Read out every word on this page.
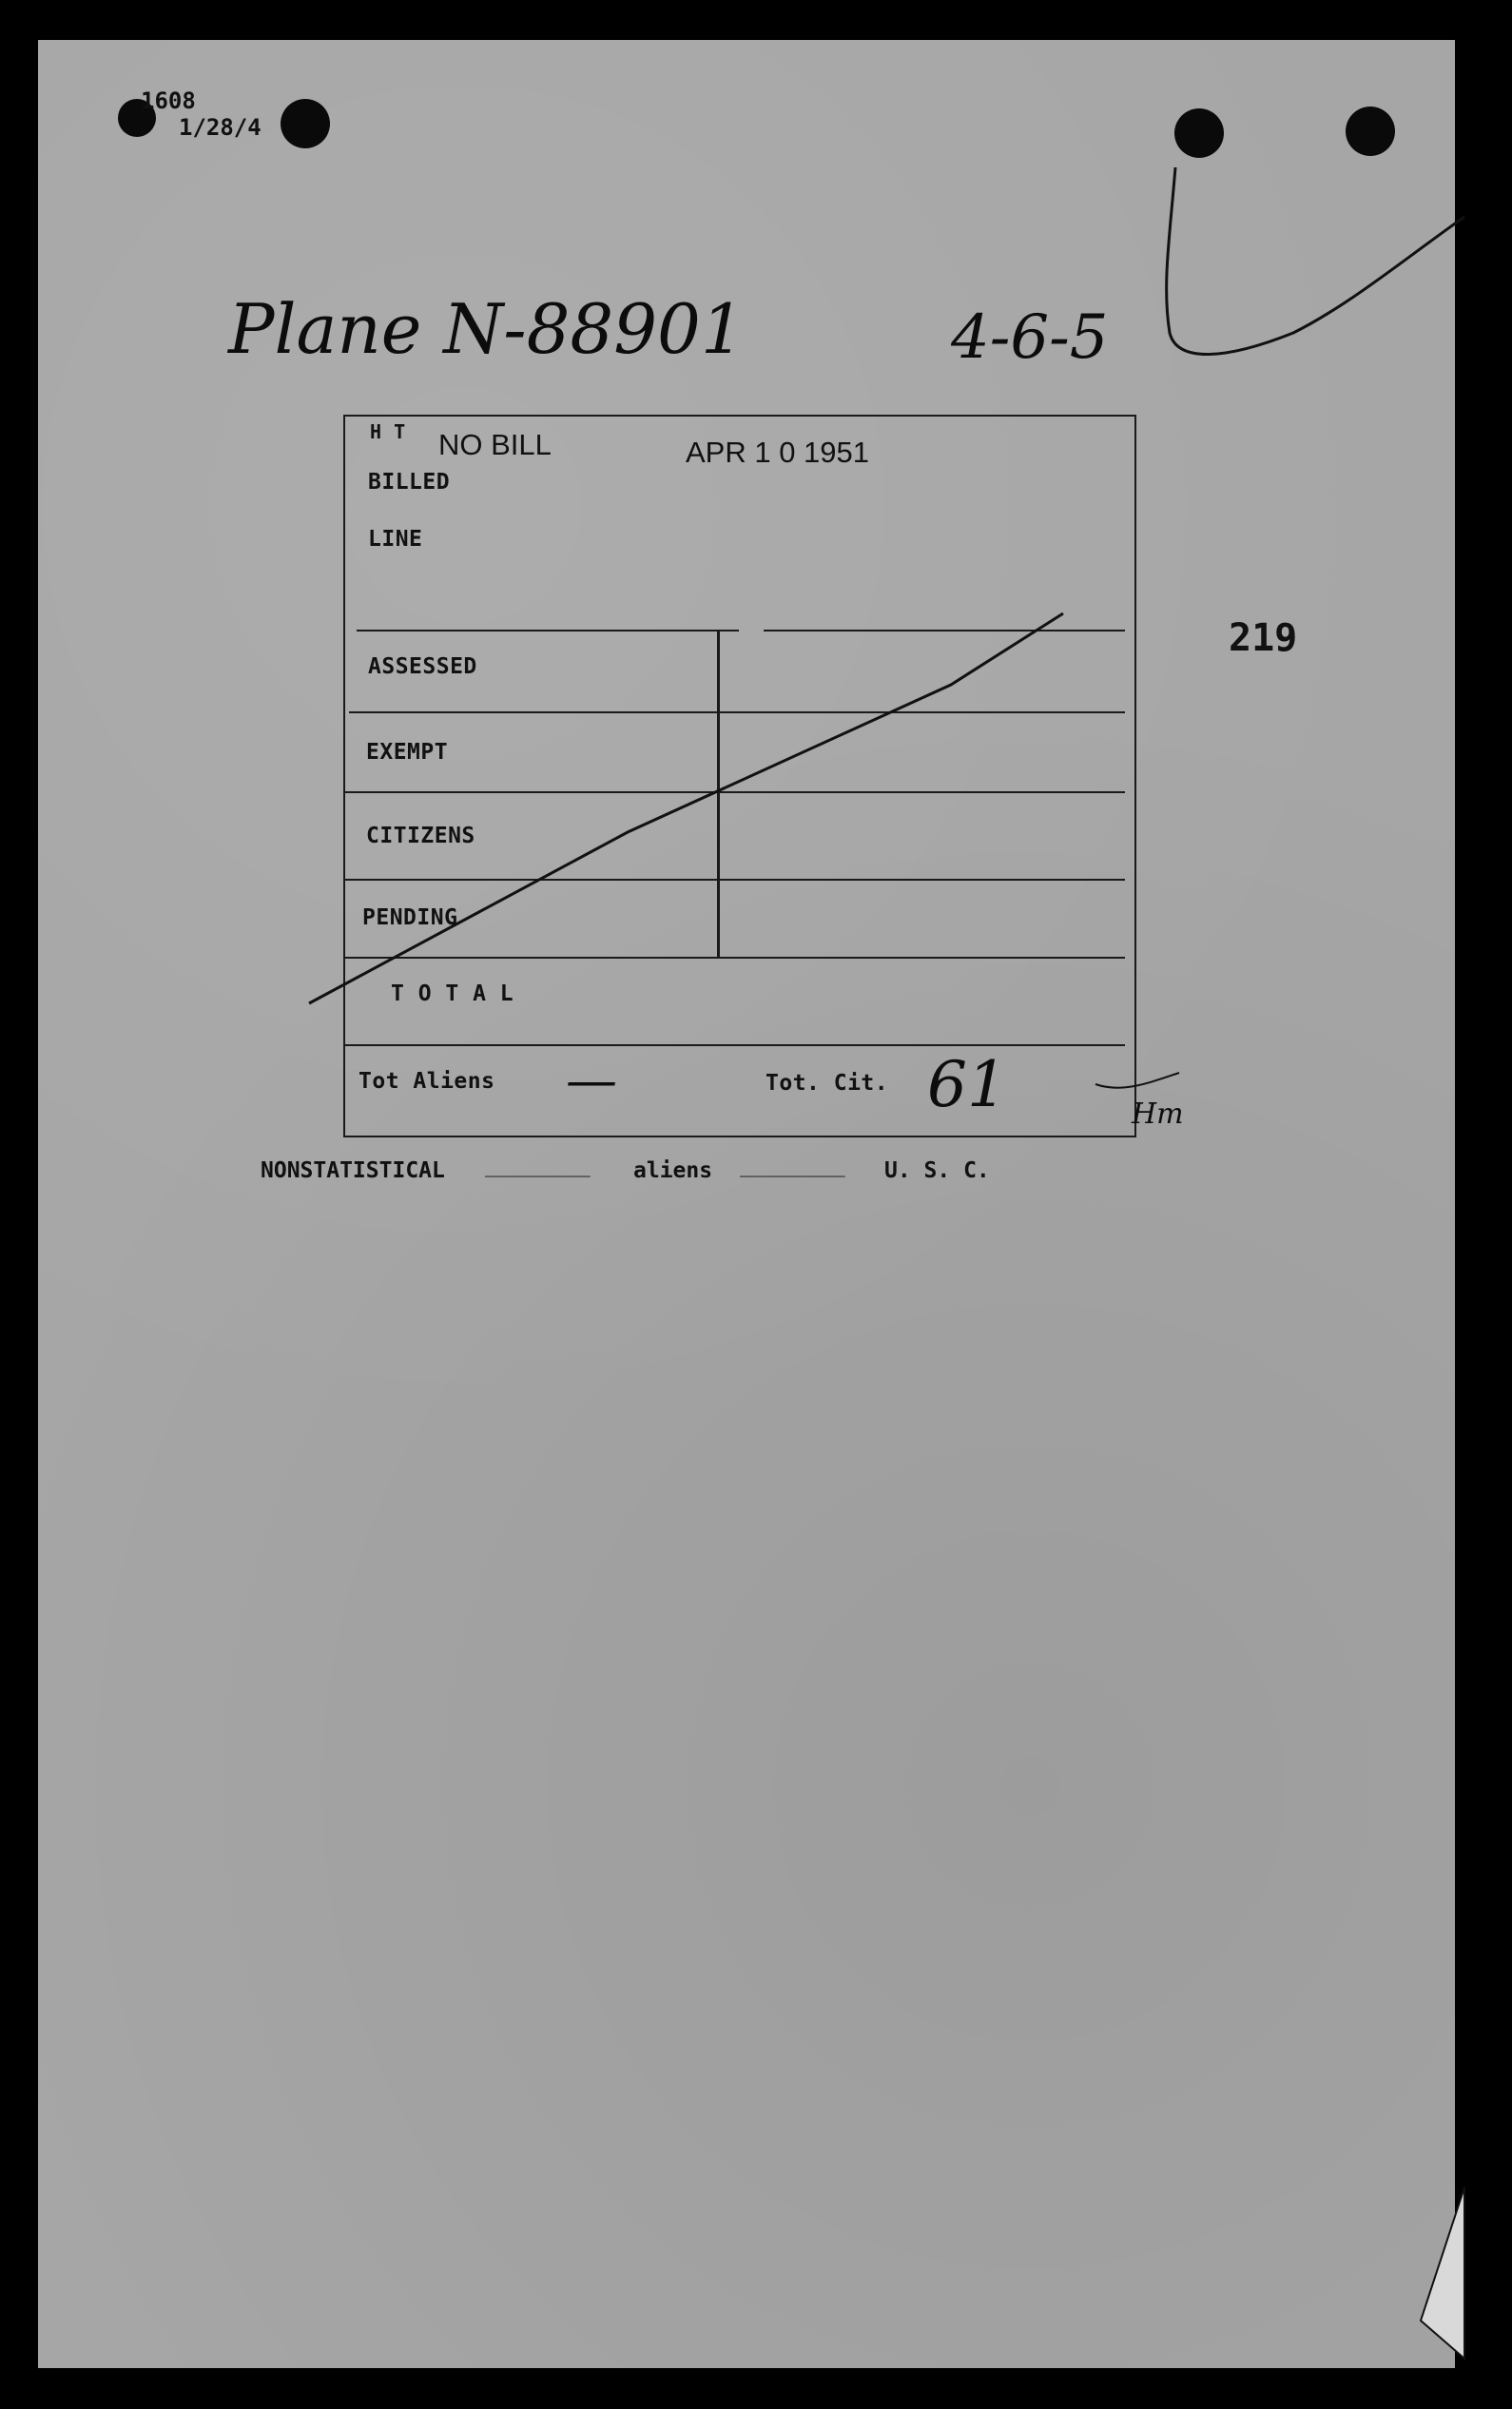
1608
1/28/4
Plane N-88901	4-6-5
219
H T NO BILL	APR 1 0 1951
BILLED
LINE
ASSESSED
EXEMPT
CITIZENS
PENDING
T O T A L
Tot Aliens —	Tot. Cit. 61	Hm
NONSTATISTICAL ________ aliens ________ U. S. C.
